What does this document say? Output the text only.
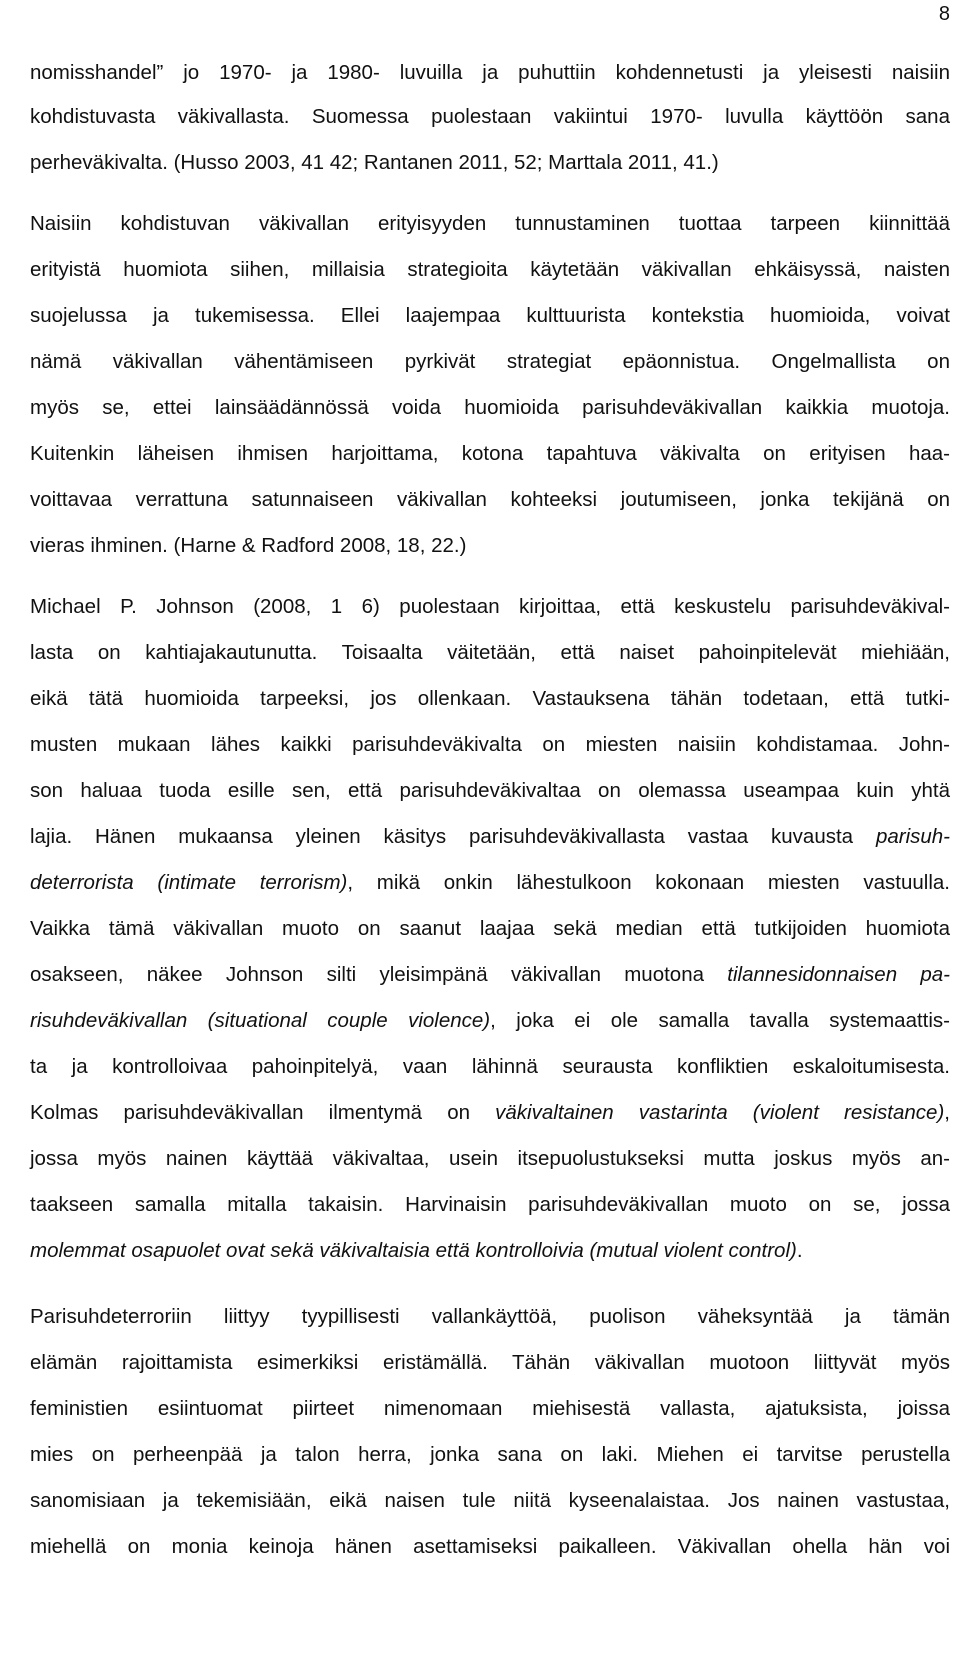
8
nomisshandel” jo 1970- ja 1980- luvuilla ja puhuttiin kohdennetusti ja yleisesti naisiin
kohdistuvasta väkivallasta. Suomessa puolestaan vakiintui 1970- luvulla käyttöön sana
perheväkivalta. (Husso 2003, 41 42; Rantanen 2011, 52; Marttala 2011, 41.)
Naisiin kohdistuvan väkivallan erityisyyden tunnustaminen tuottaa tarpeen kiinnittää
erityistä huomiota siihen, millaisia strategioita käytetään väkivallan ehkäisyssä, naisten
suojelussa ja tukemisessa. Ellei laajempaa kulttuurista kontekstia huomioida, voivat
nämä väkivallan vähentämiseen pyrkivät strategiat epäonnistua. Ongelmallista on
myös se, ettei lainsäädännössä voida huomioida parisuhdeväkivallan kaikkia muotoja.
Kuitenkin läheisen ihmisen harjoittama, kotona tapahtuva väkivalta on erityisen haa-
voittavaa verrattuna satunnaiseen väkivallan kohteeksi joutumiseen, jonka tekijänä on
vieras ihminen. (Harne & Radford 2008, 18, 22.)
Michael P. Johnson (2008, 1 6) puolestaan kirjoittaa, että keskustelu parisuhdeväkival-
lasta on kahtiajakautunutta. Toisaalta väitetään, että naiset pahoinpitelevät miehiään,
eikä tätä huomioida tarpeeksi, jos ollenkaan. Vastauksena tähän todetaan, että tutki-
musten mukaan lähes kaikki parisuhdeväkivalta on miesten naisiin kohdistamaa. John-
son haluaa tuoda esille sen, että parisuhdeväkivaltaa on olemassa useampaa kuin yhtä
lajia. Hänen mukaansa yleinen käsitys parisuhdeväkivallasta vastaa kuvausta parisuh-
deterrorista (intimate terrorism), mikä onkin lähestulkoon kokonaan miesten vastuulla.
Vaikka tämä väkivallan muoto on saanut laajaa sekä median että tutkijoiden huomiota
osakseen, näkee Johnson silti yleisimpänä väkivallan muotona tilannesidonnaisen pa-
risuhdeväkivallan (situational couple violence), joka ei ole samalla tavalla systemaattis-
ta ja kontrolloivaa pahoinpitelyä, vaan lähinnä seurausta konfliktien eskaloitumisesta.
Kolmas parisuhdeväkivallan ilmentymä on väkivaltainen vastarinta (violent resistance),
jossa myös nainen käyttää väkivaltaa, usein itsepuolustukseksi mutta joskus myös an-
taakseen samalla mitalla takaisin. Harvinaisin parisuhdeväkivallan muoto on se, jossa
molemmat osapuolet ovat sekä väkivaltaisia että kontrolloivia (mutual violent control).
Parisuhdeterroriin liittyy tyypillisesti vallankäyttöä, puolison väheksyntää ja tämän
elämän rajoittamista esimerkiksi eristämällä. Tähän väkivallan muotoon liittyvät myös
feministien esiintuomat piirteet nimenomaan miehisestä vallasta, ajatuksista, joissa
mies on perheenpää ja talon herra, jonka sana on laki. Miehen ei tarvitse perustella
sanomisiaan ja tekemisiään, eikä naisen tule niitä kyseenalaistaa. Jos nainen vastustaa,
miehellä on monia keinoja hänen asettamiseksi paikalleen. Väkivallan ohella hän voi
